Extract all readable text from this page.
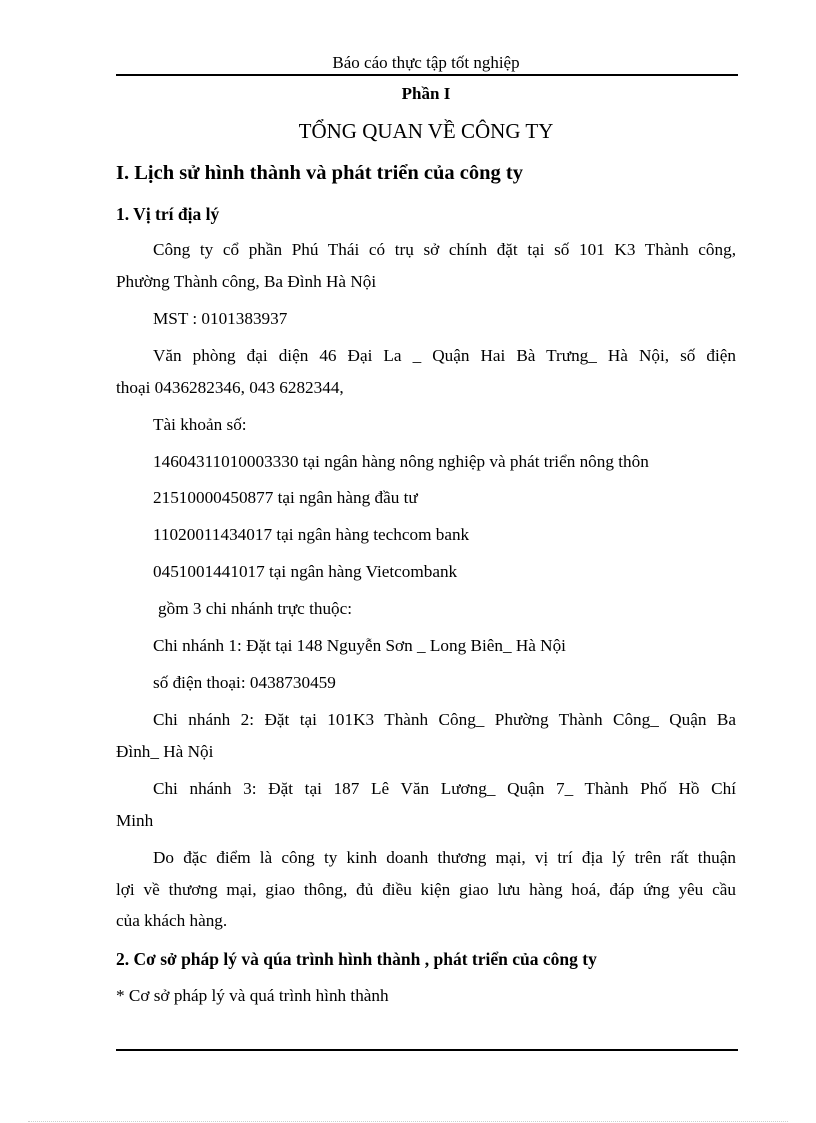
Báo cáo thực tập tốt nghiệp
Phần I
TỔNG QUAN VỀ CÔNG TY
I. Lịch sử hình thành và phát triển của công ty
1. Vị trí địa lý
Công ty cổ phần Phú Thái có trụ sở chính đặt tại số 101 K3 Thành công,
Phường Thành công, Ba Đình Hà Nội
MST : 0101383937
Văn phòng đại diện 46 Đại La _ Quận Hai Bà Trưng_ Hà Nội, số điện
thoại 0436282346, 043 6282344,
Tài khoản số:
14604311010003330 tại ngân hàng nông nghiệp và phát triển nông thôn
21510000450877 tại ngân hàng đầu tư
11020011434017 tại ngân hàng techcom bank
0451001441017 tại ngân hàng Vietcombank
gồm 3 chi nhánh trực thuộc:
Chi nhánh 1: Đặt tại 148 Nguyễn Sơn _ Long Biên_ Hà Nội
số điện thoại: 0438730459
Chi nhánh 2: Đặt tại 101K3 Thành Công_ Phường Thành Công_ Quận Ba
Đình_ Hà Nội
Chi nhánh 3: Đặt tại 187 Lê Văn Lương_ Quận 7_ Thành Phố Hồ Chí
Minh
Do đặc điểm là công ty kinh doanh thương mại, vị trí địa lý trên rất thuận
lợi về thương mại, giao thông, đủ điều kiện giao lưu hàng hoá, đáp ứng yêu cầu
của khách hàng.
2. Cơ sở pháp lý và qúa trình hình thành , phát triển của công ty
* Cơ sở pháp lý và quá trình hình thành
